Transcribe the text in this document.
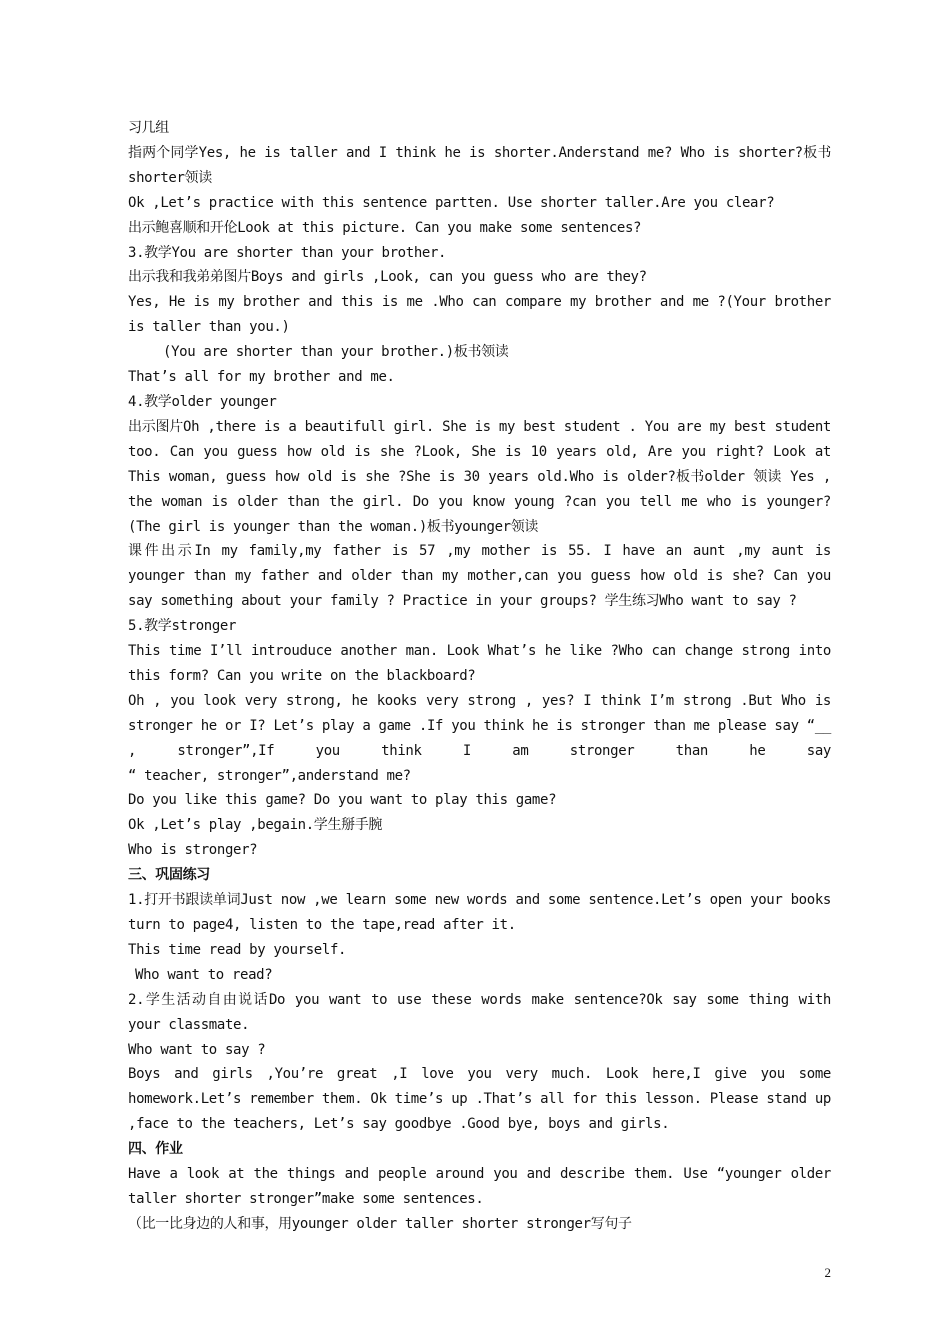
习几组

指两个同学Yes, he is taller and I think he is shorter.Anderstand me? Who is shorter?板书shorter领读

Ok ,Let’s practice with this sentence partten. Use shorter taller.Are you clear?

出示鲍喜顺和开伦Look at this picture. Can you make some sentences?

3.教学You are shorter than your brother.

出示我和我弟弟图片Boys and girls ,Look, can you guess who are they?

Yes, He is my brother and this is me .Who can compare my brother and me ?(Your brother is taller than you.)

(You are shorter than your brother.)板书领读

That’s all for my brother and me.

4.教学older younger

出示图片Oh ,there is a beautifull girl. She is my best student . You are my best student too. Can you guess how old is she ?Look, She is 10 years old, Are you right? Look at This woman, guess how old is she ?She is 30 years old.Who is older?板书older 领读 Yes , the woman is older than the girl. Do you know young ?can you tell me who is younger?(The girl is younger than the woman.)板书younger领读

课件出示In my family,my father is 57 ,my mother is 55. I have an aunt ,my aunt is younger than my father and older than my mother,can you guess how old is she? Can you say something about your family ? Practice in your groups? 学生练习Who want to say ?

5.教学stronger

This time I’ll introuduce another man. Look What’s he like ?Who can change strong into this form? Can you write on the blackboard?

Oh , you look very strong, he kooks very strong , yes? I think I’m strong .But Who is stronger he or I? Let’s play a game .If you think he is stronger than me please say “__ , stronger”,If you think I am stronger than he say

“ teacher, stronger”,anderstand me?

Do you like this game? Do you want to play this game?

Ok ,Let’s play ,begain.学生掰手腕

Who is stronger?

三、巩固练习

1.打开书跟读单词Just now ,we learn some new words and some sentence.Let’s open your books turn to page4, listen to the tape,read after it.

This time read by yourself.

Who want to read?

2.学生活动自由说话Do you want to use these words make sentence?Ok say some thing with your classmate.

Who want to say ?

Boys and girls ,You’re great ,I love you very much. Look here,I give you some homework.Let’s remember them. Ok time’s up .That’s all for this lesson. Please stand up ,face to the teachers, Let’s say goodbye .Good bye, boys and girls.

四、作业

Have a look at the things and people around you and describe them. Use “younger older taller shorter stronger”make some sentences.

（比一比身边的人和事，用younger older taller shorter stronger写句子

2
